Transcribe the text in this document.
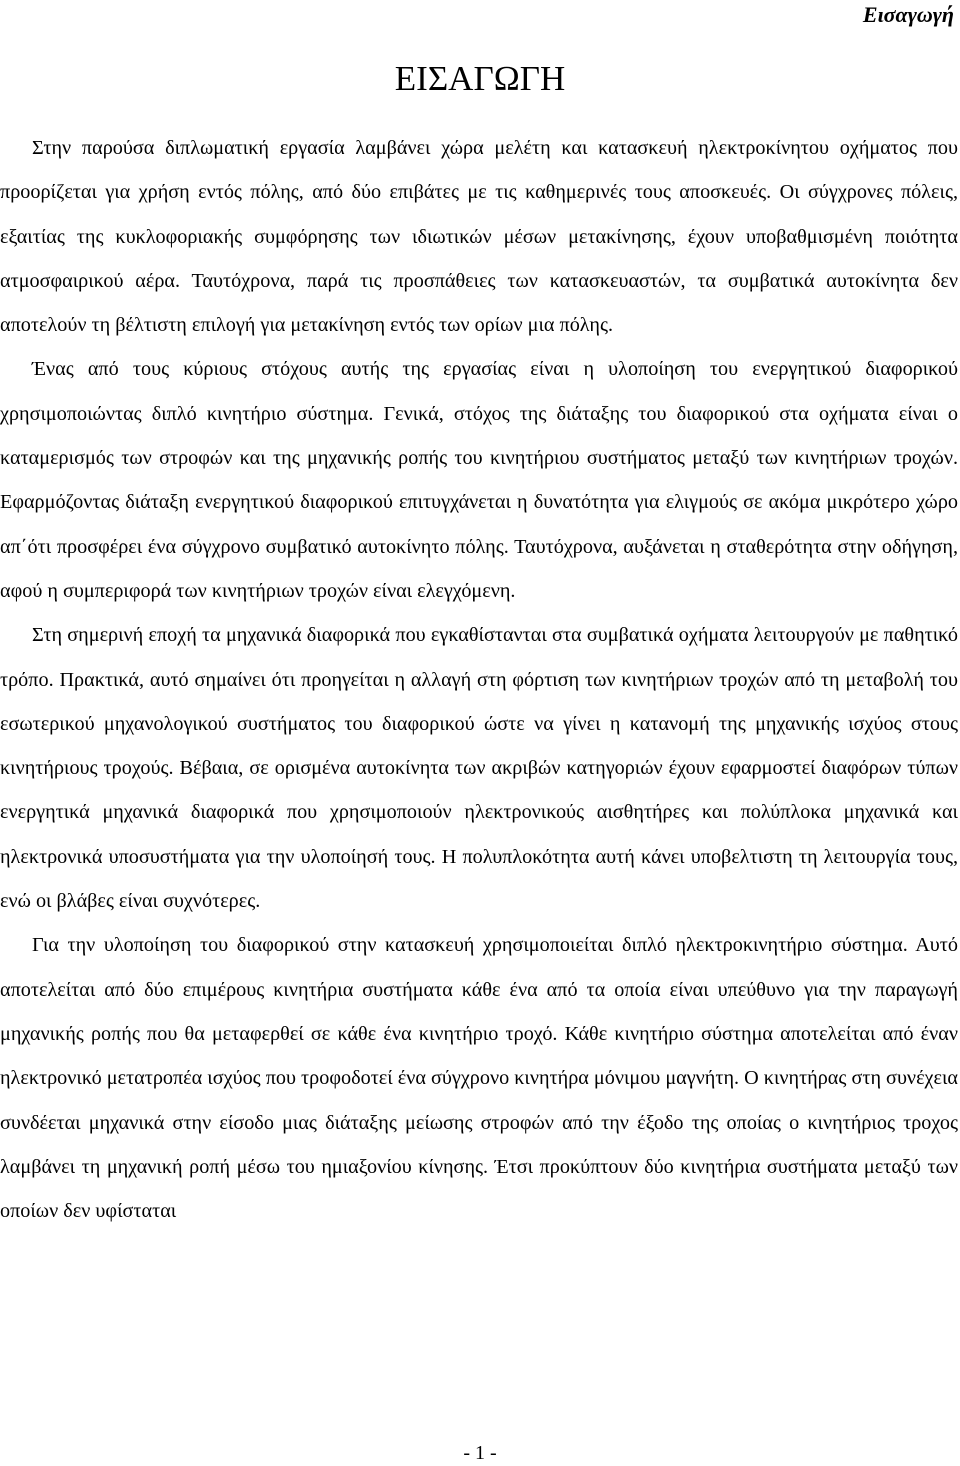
Εισαγωγή
ΕΙΣΑΓΩΓΗ

Στην παρούσα διπλωματική εργασία λαμβάνει χώρα μελέτη και κατασκευή ηλεκτροκίνητου οχήματος που προορίζεται για χρήση εντός πόλης, από δύο επιβάτες με τις καθημερινές τους αποσκευές. Οι σύγχρονες πόλεις, εξαιτίας της κυκλοφοριακής συμφόρησης των ιδιωτικών μέσων μετακίνησης, έχουν υποβαθμισμένη ποιότητα ατμοσφαιρικού αέρα. Ταυτόχρονα, παρά τις προσπάθειες των κατασκευαστών, τα συμβατικά αυτοκίνητα δεν αποτελούν τη βέλτιστη επιλογή για μετακίνηση εντός των ορίων μια πόλης.

Ένας από τους κύριους στόχους αυτής της εργασίας είναι η υλοποίηση του ενεργητικού διαφορικού χρησιμοποιώντας διπλό κινητήριο σύστημα. Γενικά, στόχος της διάταξης του διαφορικού στα οχήματα είναι ο καταμερισμός των στροφών και της μηχανικής ροπής του κινητήριου συστήματος μεταξύ των κινητήριων τροχών. Εφαρμόζοντας διάταξη ενεργητικού διαφορικού επιτυγχάνεται η δυνατότητα για ελιγμούς σε ακόμα μικρότερο χώρο απ΄ότι προσφέρει ένα σύγχρονο συμβατικό αυτοκίνητο πόλης. Ταυτόχρονα, αυξάνεται η σταθερότητα στην οδήγηση, αφού η συμπεριφορά των κινητήριων τροχών είναι ελεγχόμενη.

Στη σημερινή εποχή τα μηχανικά διαφορικά που εγκαθίστανται στα συμβατικά οχήματα λειτουργούν με παθητικό τρόπο. Πρακτικά, αυτό σημαίνει ότι προηγείται η αλλαγή στη φόρτιση των κινητήριων τροχών από τη μεταβολή του εσωτερικού μηχανολογικού συστήματος του διαφορικού ώστε να γίνει η κατανομή της μηχανικής ισχύος στους κινητήριους τροχούς. Βέβαια, σε ορισμένα αυτοκίνητα των ακριβών κατηγοριών έχουν εφαρμοστεί διαφόρων τύπων ενεργητικά μηχανικά διαφορικά που χρησιμοποιούν ηλεκτρονικούς αισθητήρες και πολύπλοκα μηχανικά και ηλεκτρονικά υποσυστήματα για την υλοποίησή τους. Η πολυπλοκότητα αυτή κάνει υποβελτιστη τη λειτουργία τους, ενώ οι βλάβες είναι συχνότερες.

Για την υλοποίηση του διαφορικού στην κατασκευή χρησιμοποιείται διπλό ηλεκτροκινητήριο σύστημα. Αυτό αποτελείται από δύο επιμέρους κινητήρια συστήματα κάθε ένα από τα οποία είναι υπεύθυνο για την παραγωγή μηχανικής ροπής που θα μεταφερθεί σε κάθε ένα κινητήριο τροχό. Κάθε κινητήριο σύστημα αποτελείται από έναν ηλεκτρονικό μετατροπέα ισχύος που τροφοδοτεί ένα σύγχρονο κινητήρα μόνιμου μαγνήτη. Ο κινητήρας στη συνέχεια συνδέεται μηχανικά στην είσοδο μιας διάταξης μείωσης στροφών από την έξοδο της οποίας ο κινητήριος τροχος λαμβάνει τη μηχανική ροπή μέσω του ημιαξονίου κίνησης. Έτσι προκύπτουν δύο κινητήρια συστήματα μεταξύ των οποίων δεν υφίσταται

- 1 -
